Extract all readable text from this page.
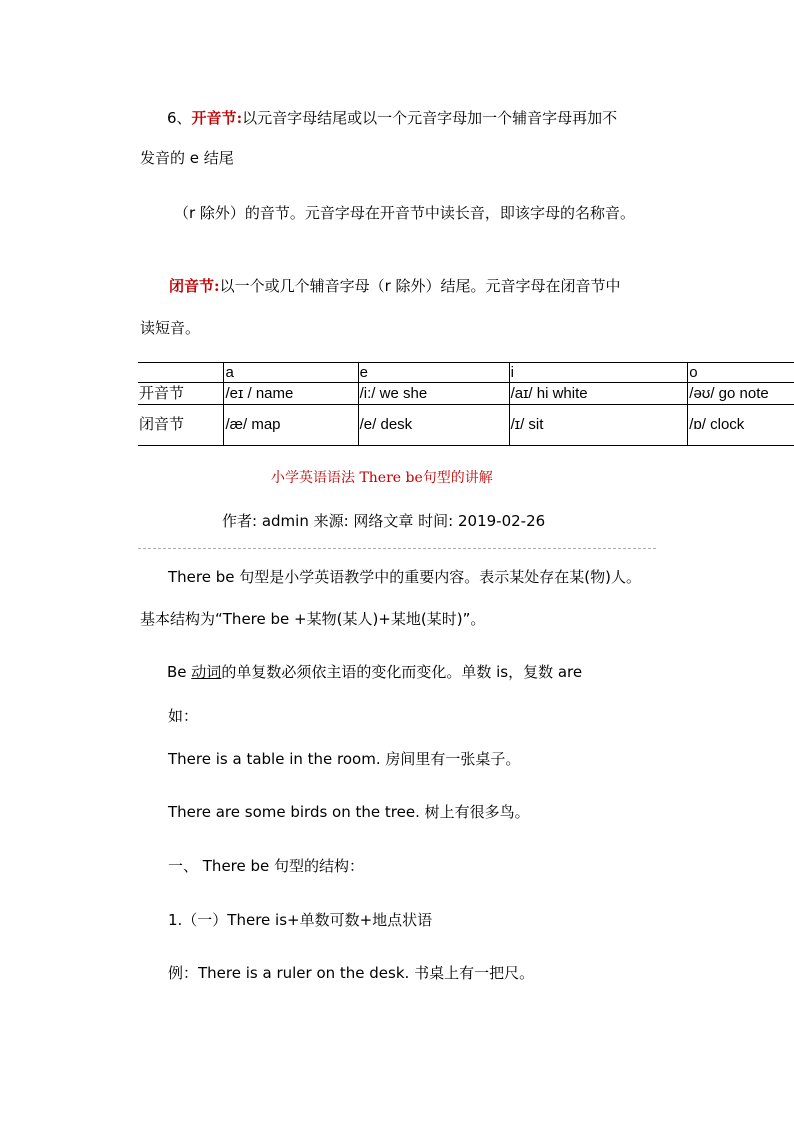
6、开音节:以元音字母结尾或以一个元音字母加一个辅音字母再加不
发音的 e 结尾
（r 除外）的音节。元音字母在开音节中读长音，即该字母的名称音。
闭音节:以一个或几个辅音字母（r 除外）结尾。元音字母在闭音节中
读短音。
	a	e	i	o
开音节	/eɪ / name	/i:/ we she	/aɪ/ hi white	/əʊ/ go note
闭音节	/æ/ map	/e/ desk	/ɪ/ sit	/ɒ/ clock
小学英语语法 There be句型的讲解
作者: admin 来源: 网络文章 时间: 2019-02-26
There be 句型是小学英语教学中的重要内容。表示某处存在某(物)人。
基本结构为“There be +某物(某人)+某地(某时)”。
Be 动词的单复数必须依主语的变化而变化。单数 is，复数 are
如：
There is a table in the room. 房间里有一张桌子。
There are some birds on the tree. 树上有很多鸟。
一、 There be 句型的结构：
1.（一）There is+单数可数+地点状语
例：There is a ruler on the desk. 书桌上有一把尺。
